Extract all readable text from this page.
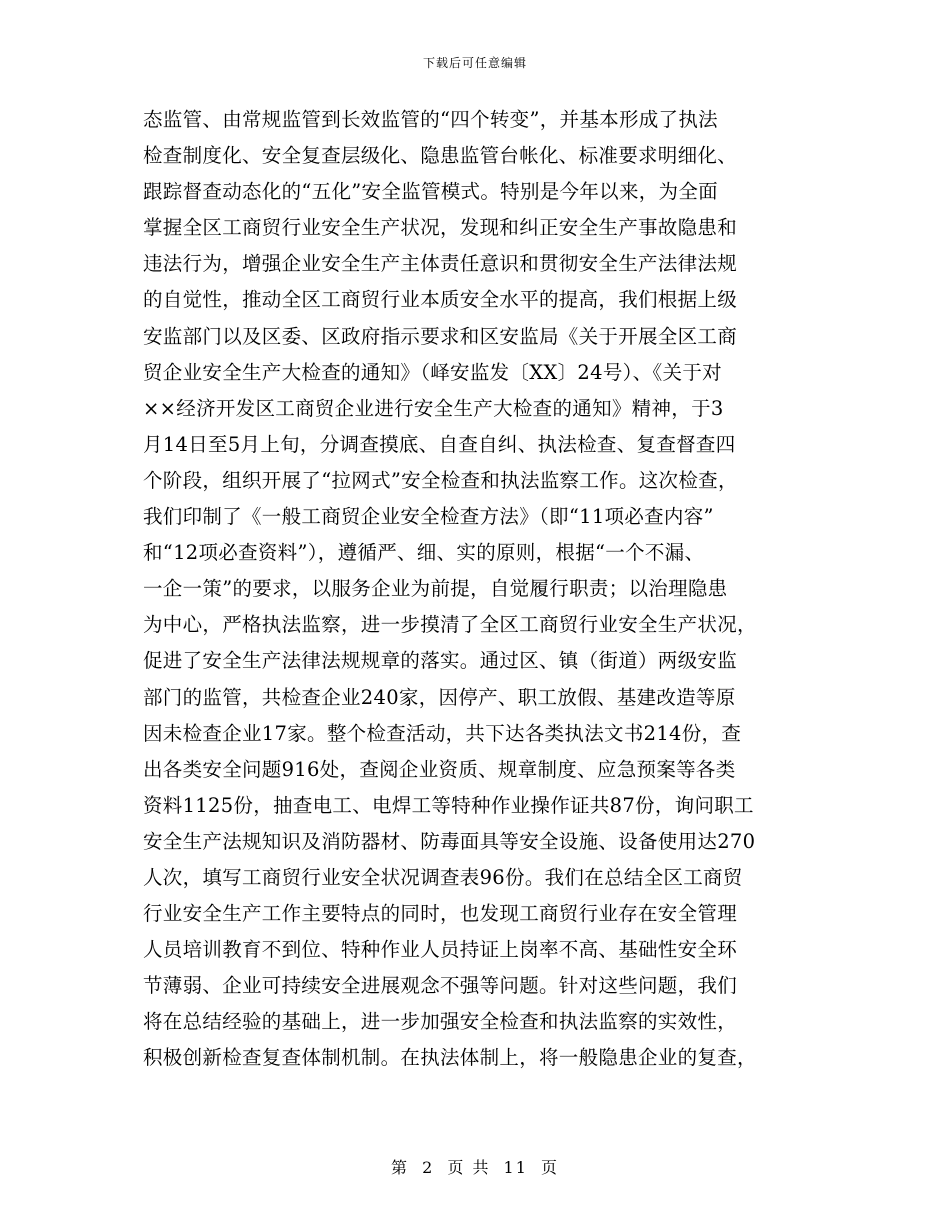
下载后可任意编辑
态监管、由常规监管到长效监管的“四个转变”，并基本形成了执法
检查制度化、安全复查层级化、隐患监管台帐化、标准要求明细化、
跟踪督查动态化的“五化”安全监管模式。特别是今年以来，为全面
掌握全区工商贸行业安全生产状况，发现和纠正安全生产事故隐患和
违法行为，增强企业安全生产主体责任意识和贯彻安全生产法律法规
的自觉性，推动全区工商贸行业本质安全水平的提高，我们根据上级
安监部门以及区委、区政府指示要求和区安监局《关于开展全区工商
贸企业安全生产大检查的通知》（峄安监发〔XX〕24号）、《关于对
××经济开发区工商贸企业进行安全生产大检查的通知》精神，于3
月14日至5月上旬，分调查摸底、自查自纠、执法检查、复查督查四
个阶段，组织开展了“拉网式”安全检查和执法监察工作。这次检查，
我们印制了《一般工商贸企业安全检查方法》（即“11项必查内容”
和“12项必查资料”），遵循严、细、实的原则，根据“一个不漏、
一企一策”的要求，以服务企业为前提，自觉履行职责；以治理隐患
为中心，严格执法监察，进一步摸清了全区工商贸行业安全生产状况，
促进了安全生产法律法规规章的落实。通过区、镇（街道）两级安监
部门的监管，共检查企业240家，因停产、职工放假、基建改造等原
因未检查企业17家。整个检查活动，共下达各类执法文书214份，查
出各类安全问题916处，查阅企业资质、规章制度、应急预案等各类
资料1125份，抽查电工、电焊工等特种作业操作证共87份，询问职工
安全生产法规知识及消防器材、防毒面具等安全设施、设备使用达270
人次，填写工商贸行业安全状况调查表96份。我们在总结全区工商贸
行业安全生产工作主要特点的同时，也发现工商贸行业存在安全管理
人员培训教育不到位、特种作业人员持证上岗率不高、基础性安全环
节薄弱、企业可持续安全进展观念不强等问题。针对这些问题，我们
将在总结经验的基础上，进一步加强安全检查和执法监察的实效性，
积极创新检查复查体制机制。在执法体制上，将一般隐患企业的复查，
第 2 页 共 11 页
